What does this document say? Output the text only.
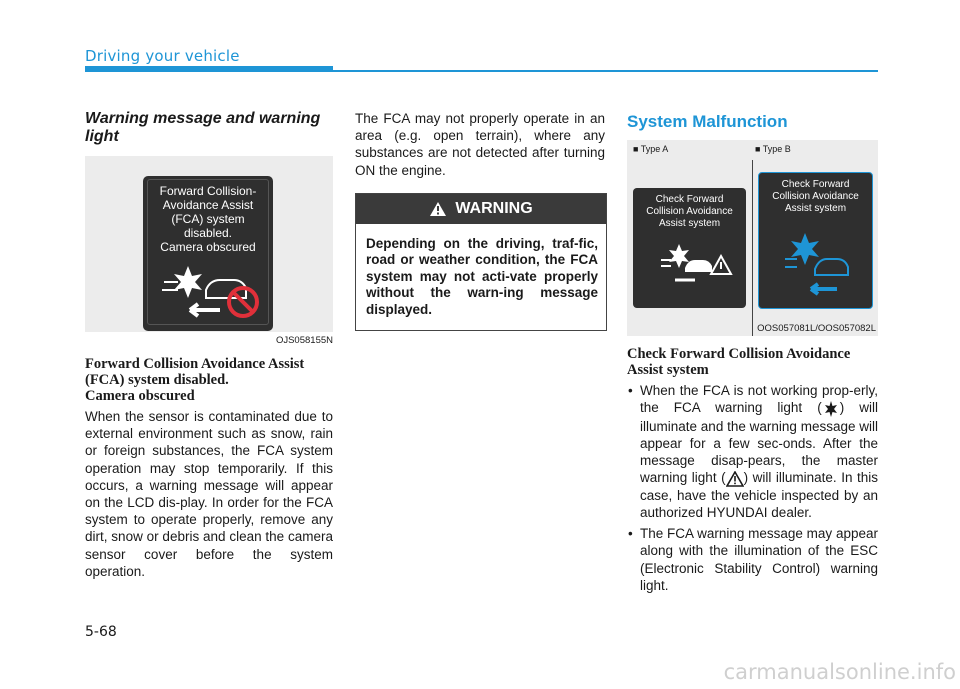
Driving your vehicle
Warning message and warning light
Forward Collision-
Avoidance Assist
(FCA) system
disabled.
Camera obscured
OJS058155N
Forward Collision Avoidance Assist
(FCA) system disabled.
Camera obscured

When the sensor is contaminated due to external environment such as snow, rain or foreign substances, the FCA system operation may stop temporarily. If this occurs, a warning message will appear on the LCD dis-play. In order for the FCA system to operate properly, remove any dirt, snow or debris and clean the camera sensor cover before the system operation.

The FCA may not properly operate in an area (e.g. open terrain), where any substances are not detected after turning ON the engine.

WARNING
Depending on the driving, traf-fic, road or weather condition, the FCA system may not acti-vate properly without the warn-ing message displayed.
System Malfunction
■ Type A	■ Type B
Check Forward
Collision Avoidance
Assist system
Check Forward
Collision Avoidance
Assist system
OOS057081L/OOS057082L
Check Forward Collision Avoidance
Assist system
• When the FCA is not working prop-erly, the FCA warning light ( ) will illuminate and the warning message will appear for a few sec-onds. After the message disap-pears, the master warning light ( ) will illuminate. In this case, have the vehicle inspected by an authorized HYUNDAI dealer.
• The FCA warning message may appear along with the illumination of the ESC (Electronic Stability Control) warning light.
5-68
carmanualsonline.info
